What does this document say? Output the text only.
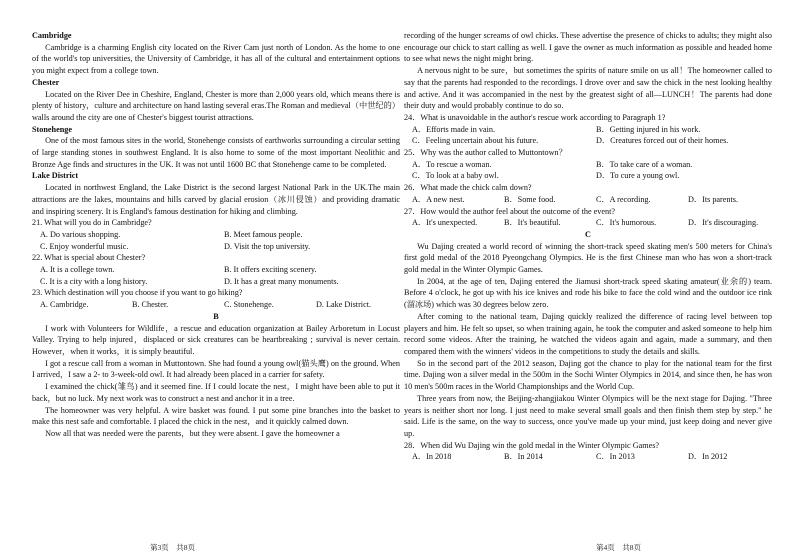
Cambridge

Cambridge is a charming English city located on the River Cam just north of London. As the home to one of the world's top universities, the University of Cambridge, it has all of the cultural and entertainment options you might expect from a college town.

Chester

Located on the River Dee in Cheshire, England, Chester is more than 2,000 years old, which means there is plenty of history，culture and architecture on hand lasting several eras.The Roman and medieval（中世纪的）walls around the city are one of Chester's biggest tourist attractions.

Stonehenge

One of the most famous sites in the world, Stonehenge consists of earthworks surrounding a circular setting of large standing stones in southwest England. It is also home to some of the most important Neolithic and Bronze Age finds and structures in the UK. It was not until 1600 BC that Stonehenge came to be completed.

Lake District

Located in northwest England, the Lake District is the second largest National Park in the UK.The main attractions are the lakes, mountains and hills carved by glacial erosion（冰川侵蚀）and providing dramatic and inspiring scenery. It is England's famous destination for hiking and climbing.

21. What will you do in Cambridge?

A. Do various shopping.	B. Meet famous people.
C. Enjoy wonderful music.	D. Visit the top university.

22. What is special about Chester?

A. It is a college town.	B. It offers exciting scenery.
C. It is a city with a long history.	D. It has a great many monuments.

23. Which destination will you choose if you want to go hiking?

A. Cambridge.	B. Chester.	C. Stonehenge.	D. Lake District.

B

I work with Volunteers for Wildlife，a rescue and education organization at Bailey Arboretum in Locust Valley. Trying to help injured，displaced or sick creatures can be heartbreaking ; survival is never certain. However，when it works，it is simply beautiful.

I got a rescue call from a woman in Muttontown. She had found a young owl(猫头鹰) on the ground. When I arrived，I saw a 2- to 3-week-old owl. It had already been placed in a carrier for safety.

I examined the chick(雏鸟) and it seemed fine. If I could locate the nest，I might have been able to put it back，but no luck. My next work was to construct a nest and anchor it in a tree.

The homeowner was very helpful. A wire basket was found. I put some pine branches into the basket to make this nest safe and comfortable. I placed the chick in the nest，and it quickly calmed down.

Now all that was needed were the parents，but they were absent. I gave the homeowner a

recording of the hunger screams of owl chicks. These advertise the presence of chicks to adults; they might also encourage our chick to start calling as well. I gave the owner as much information as possible and headed home to see what news the night might bring.

A nervous night to be sure，but sometimes the spirits of nature smile on us all！The homeowner called to say that the parents had responded to the recordings. I drove over and saw the chick in the nest looking healthy and active. And it was accompanied in the nest by the greatest sight of all—LUNCH！The parents had done their duty and would probably continue to do so.

24．What is unavoidable in the author's rescue work according to Paragraph 1?

A．Efforts made in vain.	B．Getting injured in his work.
C．Feeling uncertain about his future.	D．Creatures forced out of their homes.

25．Why was the author called to Muttontown？

A．To rescue a woman.	B．To take care of a woman.
C．To look at a baby owl.	D．To cure a young owl.

26．What made the chick calm down?

A．A new nest.	B．Some food.	C．A recording.	D．Its parents.

27．How would the author feel about the outcome of the event?

A．It's unexpected.	B．It's beautiful.	C．It's humorous.	D．It's discouraging.

C

Wu Dajing created a world record of winning the short-track speed skating men's 500 meters for China's first gold medal of the 2018 Pyeongchang Olympics. He is the first Chinese man who has won a short-track gold medal in the Winter Olympic Games.

In 2004, at the age of ten, Dajing entered the Jiamusi short-track speed skating amateur(业余的) team. Before 4 o'clock, he got up with his ice knives and rode his bike to face the cold wind and the outdoor ice rink (溜冰场) which was 30 degrees below zero.

After coming to the national team, Dajing quickly realized the difference of racing level between top players and him. He felt so upset, so when training again, he took the computer and asked someone to help him record some videos. After the training, he watched the videos again and again, made a summary, and then compared them with the winners' videos in the competitions to study the details and skills.

So in the second part of the 2012 season, Dajing got the chance to play for the national team for the first time. Dajing won a silver medal in the 500m in the Sochi Winter Olympics in 2014, and since then, he has won 10 men's 500m races in the World Championships and the World Cup.

Three years from now, the Beijing-zhangjiakou Winter Olympics will be the next stage for Dajing. "Three years is neither short nor long. I just need to make several small goals and then finish them step by step." he said. Life is the same, on the way to success, once you've made up your mind, just keep doing and never give up.

28．When did Wu Dajing win the gold medal in the Winter Olympic Games?

A．In 2018	B．In 2014	C．In 2013	D．In 2012
第3页　共8页	第4页　共8页
